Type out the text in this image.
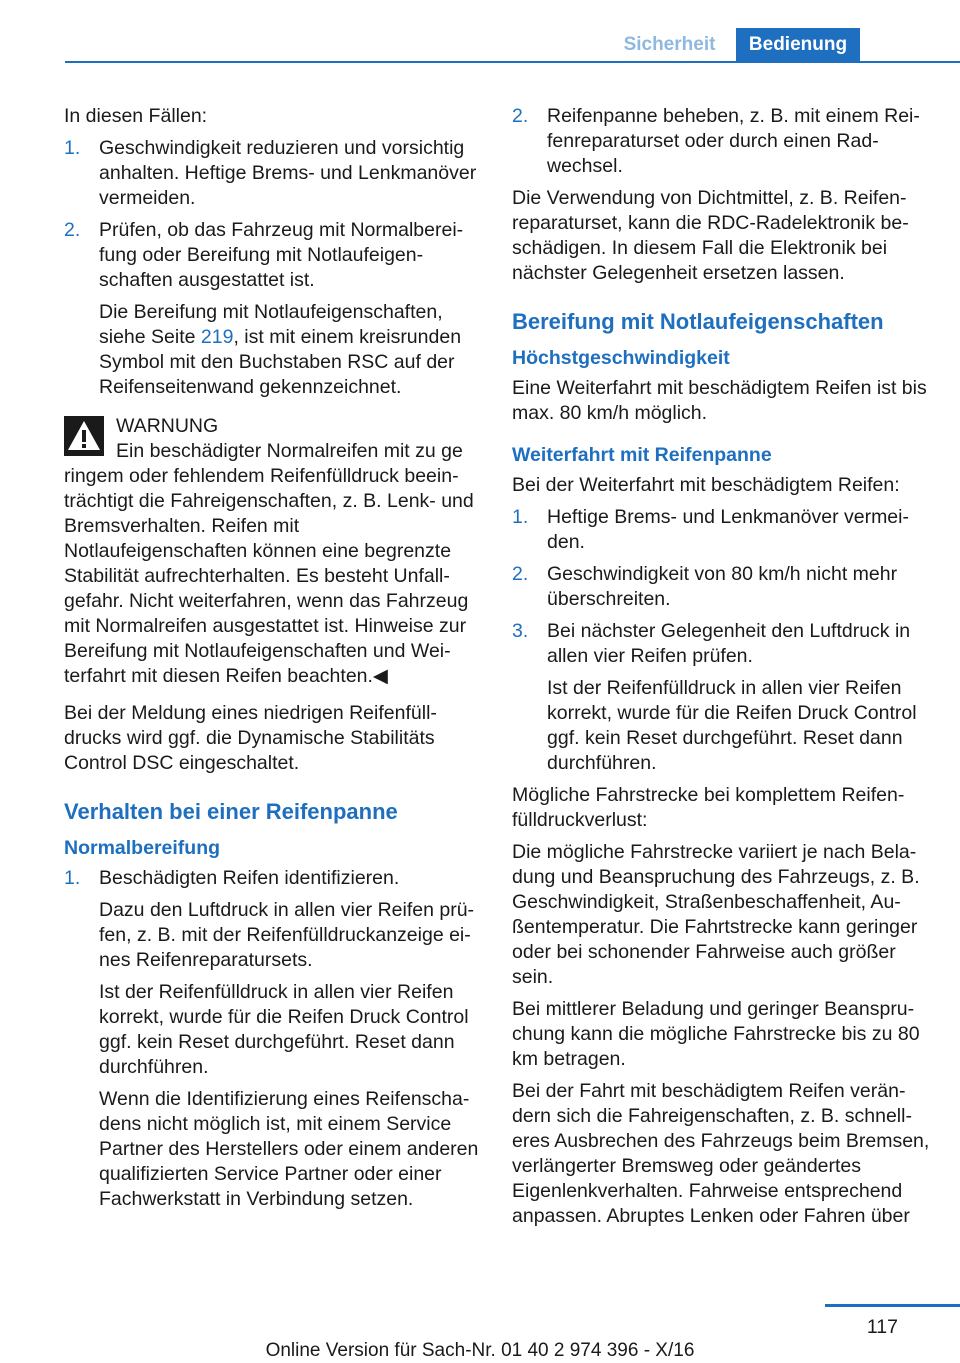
Sicherheit	Bedienung

In diesen Fällen:

1. Geschwindigkeit reduzieren und vorsichtig anhalten. Heftige Brems- und Lenkmanöver vermeiden.
2. Prüfen, ob das Fahrzeug mit Normalbereifung oder Bereifung mit Notlaufeigenschaften ausgestattet ist.
Die Bereifung mit Notlaufeigenschaften, siehe Seite 219, ist mit einem kreisrunden Symbol mit den Buchstaben RSC auf der Reifenseitenwand gekennzeichnet.
WARNUNG
Ein beschädigter Normalreifen mit zu ge
ringem oder fehlendem Reifenfülldruck beeinträchtigt die Fahreigenschaften, z. B. Lenk- und Bremsverhalten. Reifen mit Notlaufeigenschaften können eine begrenzte Stabilität aufrechterhalten. Es besteht Unfallgefahr. Nicht weiterfahren, wenn das Fahrzeug mit Normalreifen ausgestattet ist. Hinweise zur Bereifung mit Notlaufeigenschaften und Weiterfahrt mit diesen Reifen beachten.◀

Bei der Meldung eines niedrigen Reifenfülldrucks wird ggf. die Dynamische Stabilitäts Control DSC eingeschaltet.

Verhalten bei einer Reifenpanne
Normalbereifung
1. Beschädigten Reifen identifizieren.
Dazu den Luftdruck in allen vier Reifen prüfen, z. B. mit der Reifenfülldruckanzeige eines Reifenreparatursets.
Ist der Reifenfülldruck in allen vier Reifen korrekt, wurde für die Reifen Druck Control ggf. kein Reset durchgeführt. Reset dann durchführen.
Wenn die Identifizierung eines Reifenschadens nicht möglich ist, mit einem Service Partner des Herstellers oder einem anderen qualifizierten Service Partner oder einer Fachwerkstatt in Verbindung setzen.
2. Reifenpanne beheben, z. B. mit einem Reifenreparaturset oder durch einen Radwechsel.

Die Verwendung von Dichtmittel, z. B. Reifenreparaturset, kann die RDC-Radelektronik beschädigen. In diesem Fall die Elektronik bei nächster Gelegenheit ersetzen lassen.

Bereifung mit Notlaufeigenschaften
Höchstgeschwindigkeit

Eine Weiterfahrt mit beschädigtem Reifen ist bis max. 80 km/h möglich.

Weiterfahrt mit Reifenpanne

Bei der Weiterfahrt mit beschädigtem Reifen:

1. Heftige Brems- und Lenkmanöver vermeiden.
2. Geschwindigkeit von 80 km/h nicht mehr überschreiten.
3. Bei nächster Gelegenheit den Luftdruck in allen vier Reifen prüfen.
Ist der Reifenfülldruck in allen vier Reifen korrekt, wurde für die Reifen Druck Control ggf. kein Reset durchgeführt. Reset dann durchführen.

Mögliche Fahrstrecke bei komplettem Reifenfülldruckverlust:

Die mögliche Fahrstrecke variiert je nach Beladung und Beanspruchung des Fahrzeugs, z. B. Geschwindigkeit, Straßenbeschaffenheit, Außentemperatur. Die Fahrtstrecke kann geringer oder bei schonender Fahrweise auch größer sein.

Bei mittlerer Beladung und geringer Beanspruchung kann die mögliche Fahrstrecke bis zu 80 km betragen.

Bei der Fahrt mit beschädigtem Reifen verändern sich die Fahreigenschaften, z. B. schnelleres Ausbrechen des Fahrzeugs beim Bremsen, verlängerter Bremsweg oder geändertes Eigenlenkverhalten. Fahrweise entsprechend anpassen. Abruptes Lenken oder Fahren über

117
Online Version für Sach-Nr. 01 40 2 974 396 - X/16
